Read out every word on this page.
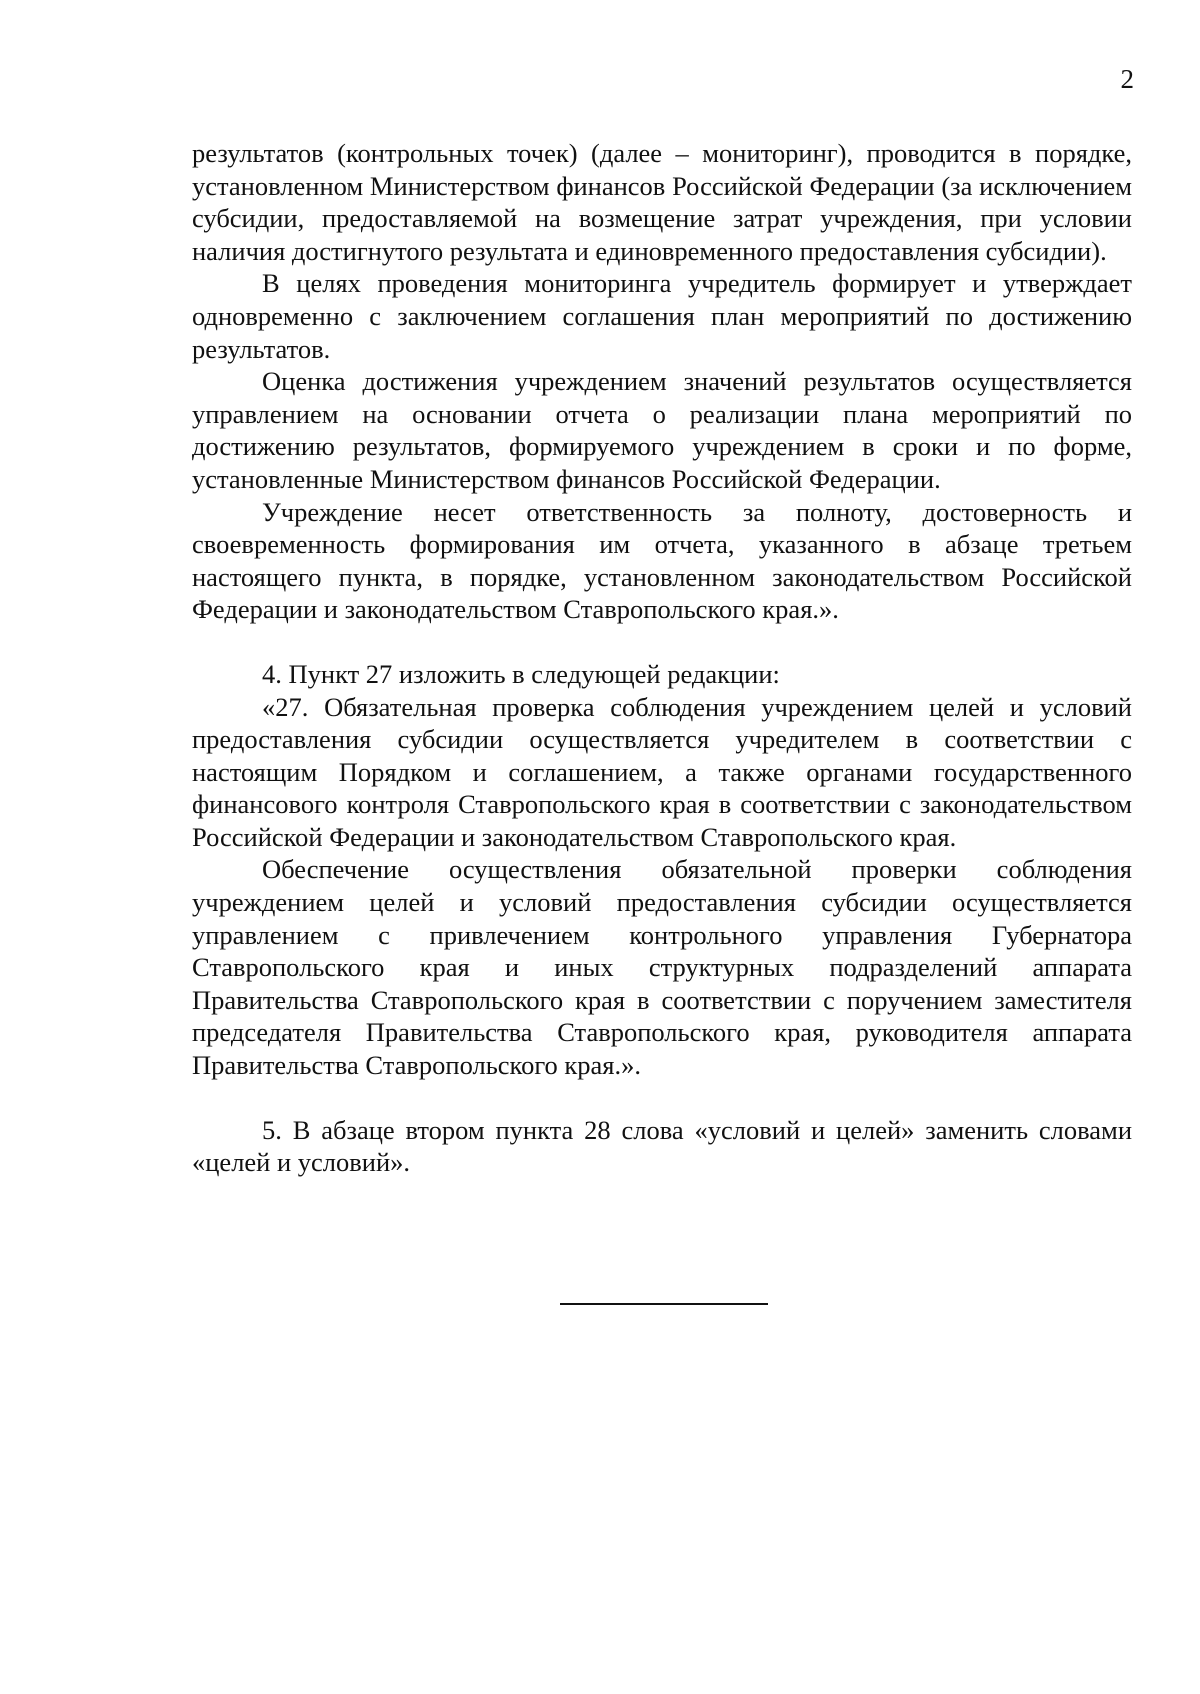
2

результатов (контрольных точек) (далее – мониторинг), проводится в порядке, установленном Министерством финансов Российской Федерации (за исключением субсидии, предоставляемой на возмещение затрат учреждения, при условии наличия достигнутого результата и единовременного предоставления субсидии).

В целях проведения мониторинга учредитель формирует и утверждает одновременно с заключением соглашения план мероприятий по достижению результатов.

Оценка достижения учреждением значений результатов осуществляется управлением на основании отчета о реализации плана мероприятий по достижению результатов, формируемого учреждением в сроки и по форме, установленные Министерством финансов Российской Федерации.

Учреждение несет ответственность за полноту, достоверность и своевременность формирования им отчета, указанного в абзаце третьем настоящего пункта, в порядке, установленном законодательством Российской Федерации и законодательством Ставропольского края.».

4. Пункт 27 изложить в следующей редакции:

«27. Обязательная проверка соблюдения учреждением целей и условий предоставления субсидии осуществляется учредителем в соответствии с настоящим Порядком и соглашением, а также органами государственного финансового контроля Ставропольского края в соответствии с законодательством Российской Федерации и законодательством Ставропольского края.

Обеспечение осуществления обязательной проверки соблюдения учреждением целей и условий предоставления субсидии осуществляется управлением с привлечением контрольного управления Губернатора Ставропольского края и иных структурных подразделений аппарата Правительства Ставропольского края в соответствии с поручением заместителя председателя Правительства Ставропольского края, руководителя аппарата Правительства Ставропольского края.».

5. В абзаце втором пункта 28 слова «условий и целей» заменить словами «целей и условий».
